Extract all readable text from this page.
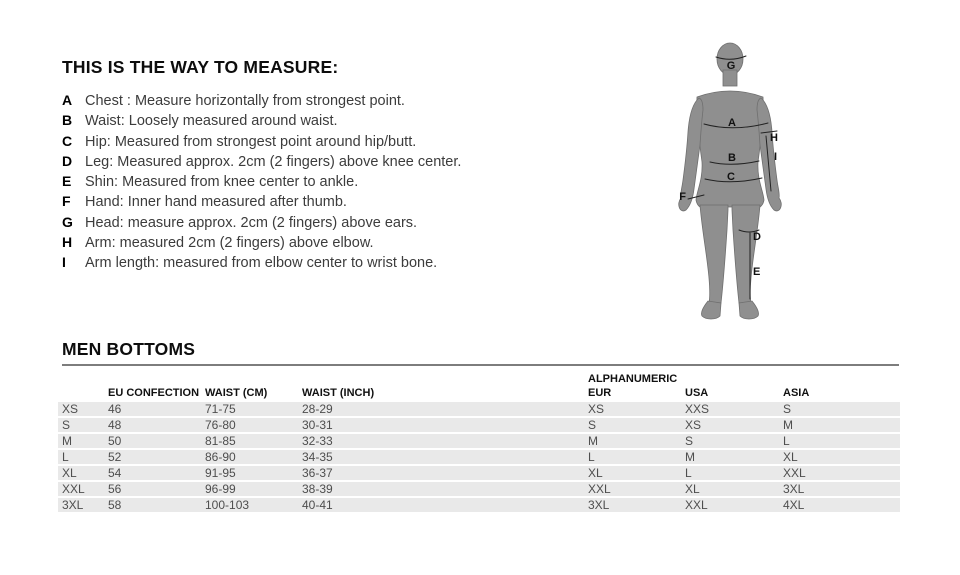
THIS IS THE WAY TO MEASURE:
A Chest : Measure horizontally from strongest point.
B Waist: Loosely measured around waist.
C Hip: Measured from strongest point around hip/butt.
D Leg: Measured approx. 2cm (2 fingers) above knee center.
E Shin: Measured from knee center to ankle.
F Hand: Inner hand measured after thumb.
G Head: measure approx. 2cm (2 fingers) above ears.
H Arm: measured 2cm (2 fingers) above elbow.
I Arm length: measured from elbow center to wrist bone.
A
B
C
D
E
F
G
H
I
MEN BOTTOMS
				ALPHANUMERIC		
	EU CONFECTION	WAIST (CM)	WAIST (INCH)	EUR	USA	ASIA
XS	46	71-75	28-29	XS	XXS	S
S	48	76-80	30-31	S	XS	M
M	50	81-85	32-33	M	S	L
L	52	86-90	34-35	L	M	XL
XL	54	91-95	36-37	XL	L	XXL
XXL	56	96-99	38-39	XXL	XL	3XL
3XL	58	100-103	40-41	3XL	XXL	4XL
